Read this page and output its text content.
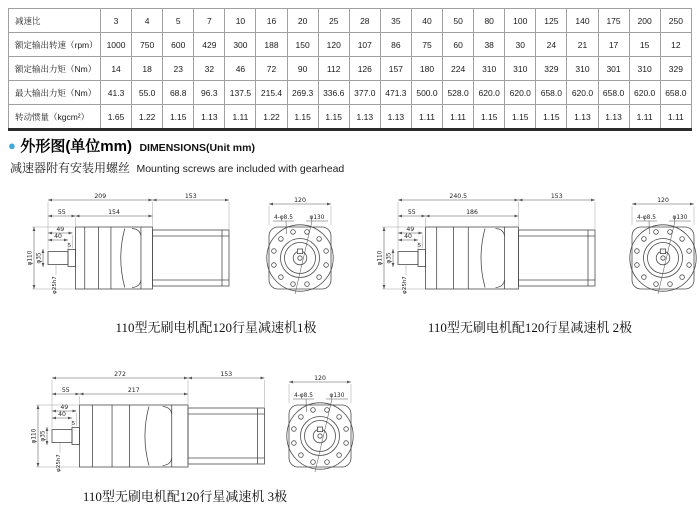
减速比	3	4	5	7	10	16	20	25	28	35	40	50	80	100	125	140	175	200	250
额定输出转速（rpm）	1000	750	600	429	300	188	150	120	107	86	75	60	38	30	24	21	17	15	12
额定输出力矩（Nm）	14	18	23	32	46	72	90	112	126	157	180	224	310	310	329	310	301	310	329
最大输出力矩（Nm）	41.3	55.0	68.8	96.3	137.5	215.4	269.3	336.6	377.0	471.3	500.0	528.0	620.0	620.0	658.0	620.0	658.0	620.0	658.0
转动惯量（kgcm²）	1.65	1.22	1.15	1.13	1.11	1.22	1.15	1.15	1.13	1.13	1.11	1.11	1.15	1.15	1.15	1.13	1.13	1.11	1.11
● 外形图(单位mm) DIMENSIONS(Unit mm)
减速器附有安装用螺丝 Mounting screws are included with gearhead
209	153
55	154
49
40
5
φ110 φ35
φ25h7
120
4-φ8.5	φ130
240.5	153
55	186
49
40
5
φ110 φ35
φ25h7
120
4-φ8.5	φ130
272	153
55	217
49
40
5
φ110 φ35
φ25h7
120
4-φ8.5	φ130
110型无刷电机配120行星减速机1极	110型无刷电机配120行星减速机 2极
110型无刷电机配120行星减速机 3极
